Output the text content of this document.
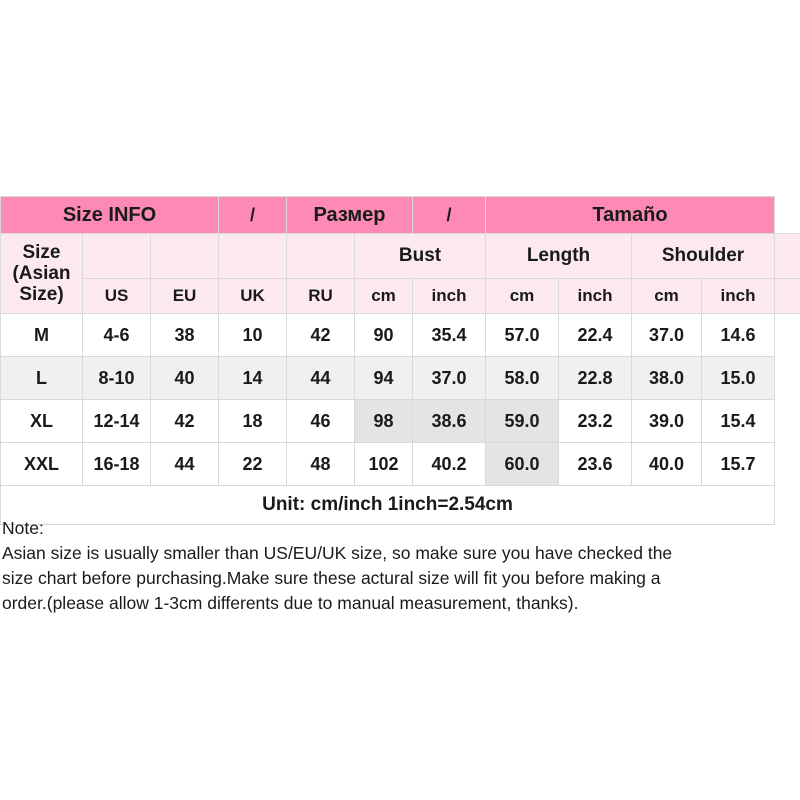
Size INFO			/	Размер		/	Tamaño				

Size
(Asian
Size)					Bust		Length		Shoulder		
	US	EU	UK	RU	cm	inch	cm	inch	cm	inch	
M	4-6	38	10	42	90	35.4	57.0	22.4	37.0	14.6	
L	8-10	40	14	44	94	37.0	58.0	22.8	38.0	15.0	
XL	12-14	42	18	46	98	38.6	59.0	23.2	39.0	15.4	
XXL	16-18	44	22	48	102	40.2	60.0	23.6	40.0	15.7	
Unit: cm/inch 1inch=2.54cm											
Note:
Asian size is usually smaller than US/EU/UK size, so make sure you have checked the
size chart before purchasing.Make sure these actural size will fit you before making a
order.(please allow 1-3cm differents due to manual measurement, thanks).
